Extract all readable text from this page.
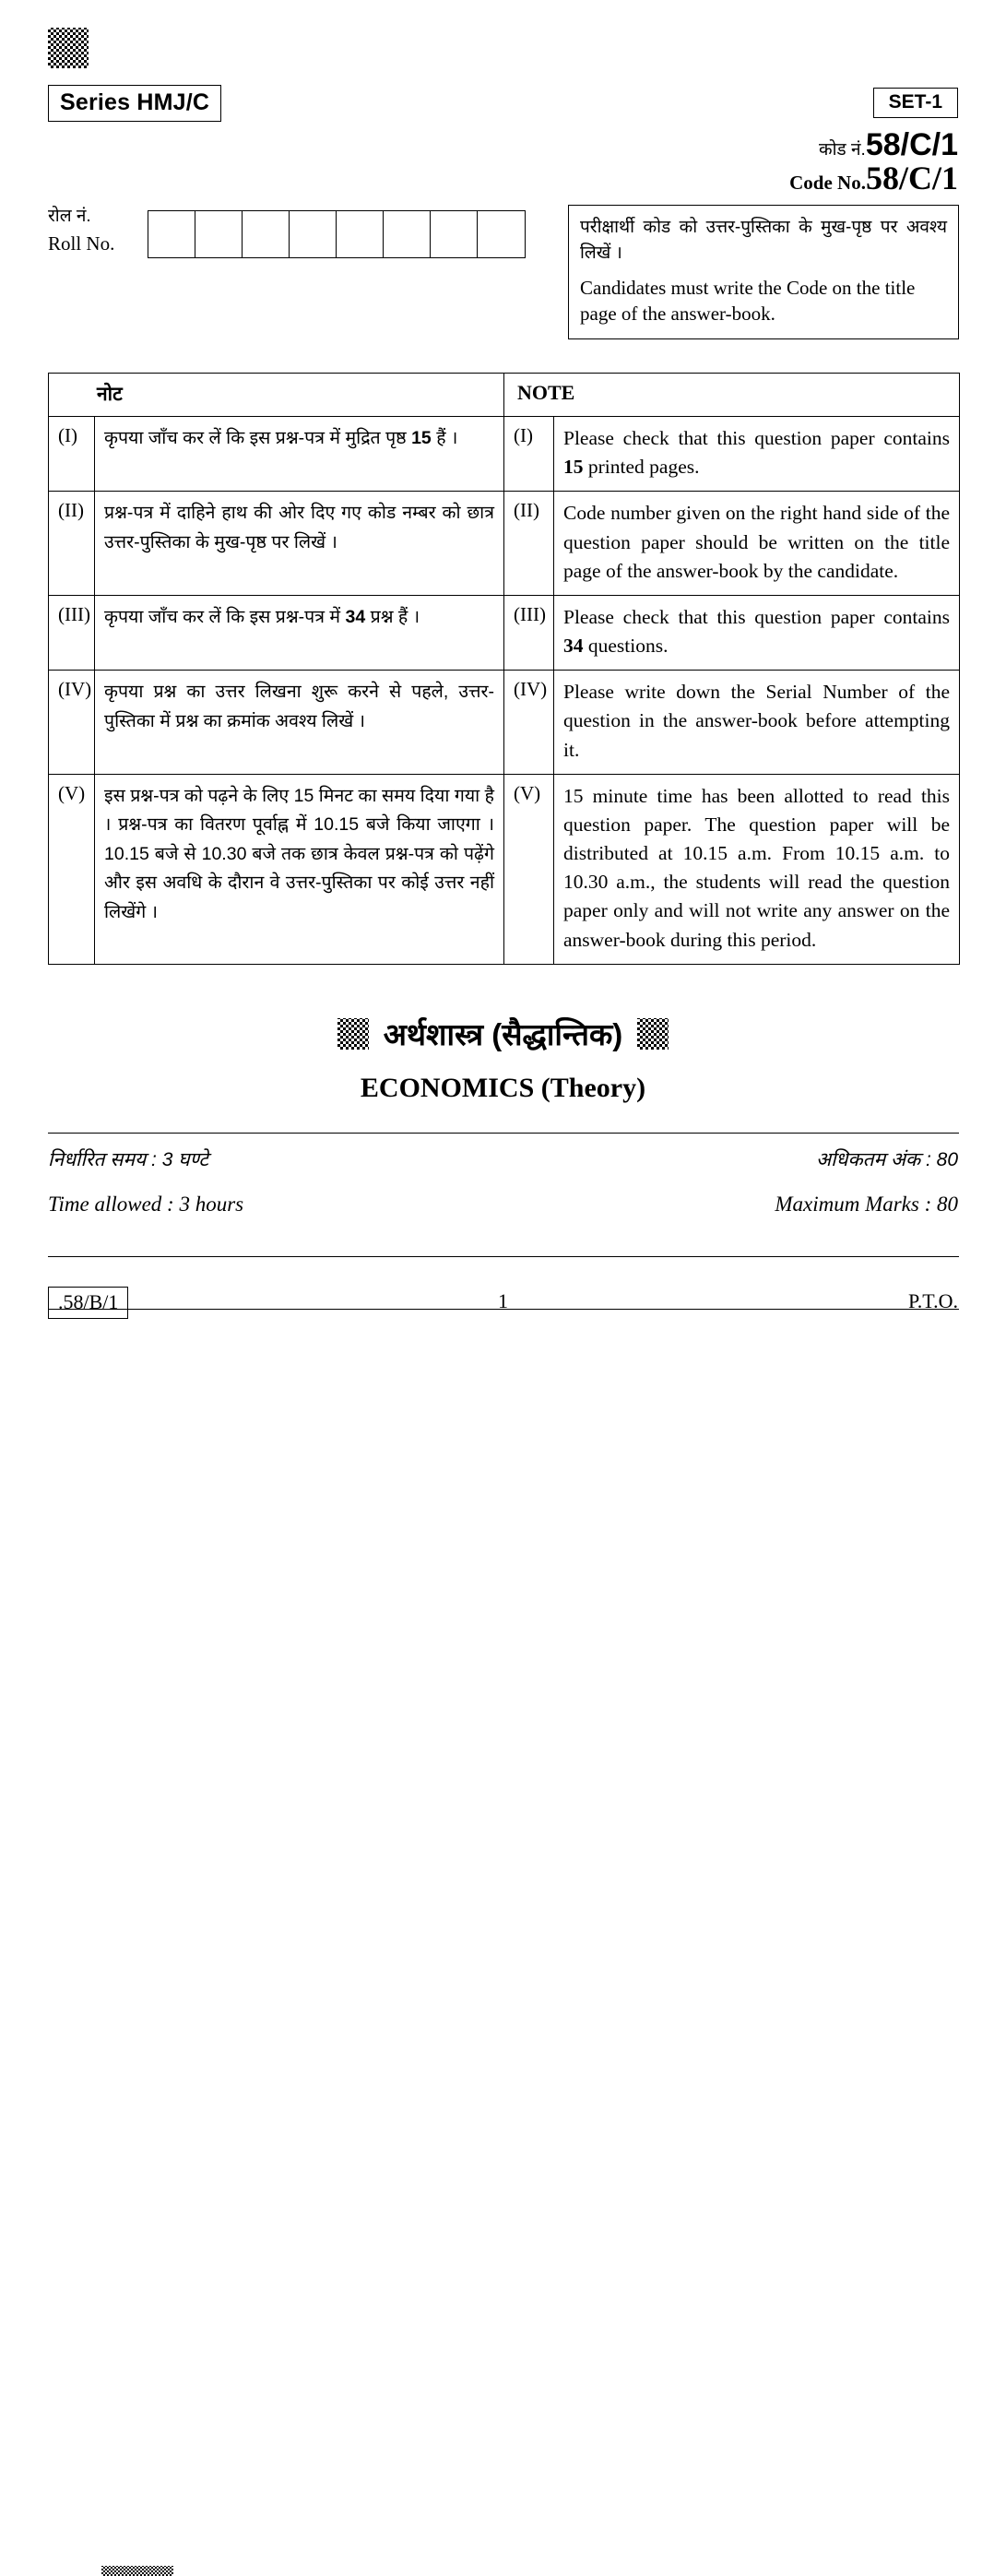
Series HMJ/C	SET-1
कोड नं.58/C/1
Code No.58/C/1
रोल नं.
Roll No.
परीक्षार्थी कोड को उत्तर-पुस्तिका के मुख-पृष्ठ पर अवश्य लिखें ।
Candidates must write the Code on the title page of the answer-book.
नोट		NOTE	
(I)	कृपया जाँच कर लें कि इस प्रश्न-पत्र में मुद्रित पृष्ठ 15 हैं ।	(I)	Please check that this question paper contains 15 printed pages.
(II)	प्रश्न-पत्र में दाहिने हाथ की ओर दिए गए कोड नम्बर को छात्र उत्तर-पुस्तिका के मुख-पृष्ठ पर लिखें ।	(II)	Code number given on the right hand side of the question paper should be written on the title page of the answer-book by the candidate.
(III)	कृपया जाँच कर लें कि इस प्रश्न-पत्र में 34 प्रश्न हैं ।	(III)	Please check that this question paper contains 34 questions.
(IV)	कृपया प्रश्न का उत्तर लिखना शुरू करने से पहले, उत्तर-पुस्तिका में प्रश्न का क्रमांक अवश्य लिखें ।	(IV)	Please write down the Serial Number of the question in the answer-book before attempting it.
(V)	इस प्रश्न-पत्र को पढ़ने के लिए 15 मिनट का समय दिया गया है । प्रश्न-पत्र का वितरण पूर्वाह्न में 10.15 बजे किया जाएगा । 10.15 बजे से 10.30 बजे तक छात्र केवल प्रश्न-पत्र को पढ़ेंगे और इस अवधि के दौरान वे उत्तर-पुस्तिका पर कोई उत्तर नहीं लिखेंगे ।	(V)	15 minute time has been allotted to read this question paper. The question paper will be distributed at 10.15 a.m. From 10.15 a.m. to 10.30 a.m., the students will read the question paper only and will not write any answer on the answer-book during this period.
अर्थशास्त्र (सैद्धान्तिक)
ECONOMICS (Theory)
निर्धारित समय : 3 घण्टे	अधिकतम अंक : 80
Time allowed : 3 hours	Maximum Marks : 80
.58/B/1	1	P.T.O.
